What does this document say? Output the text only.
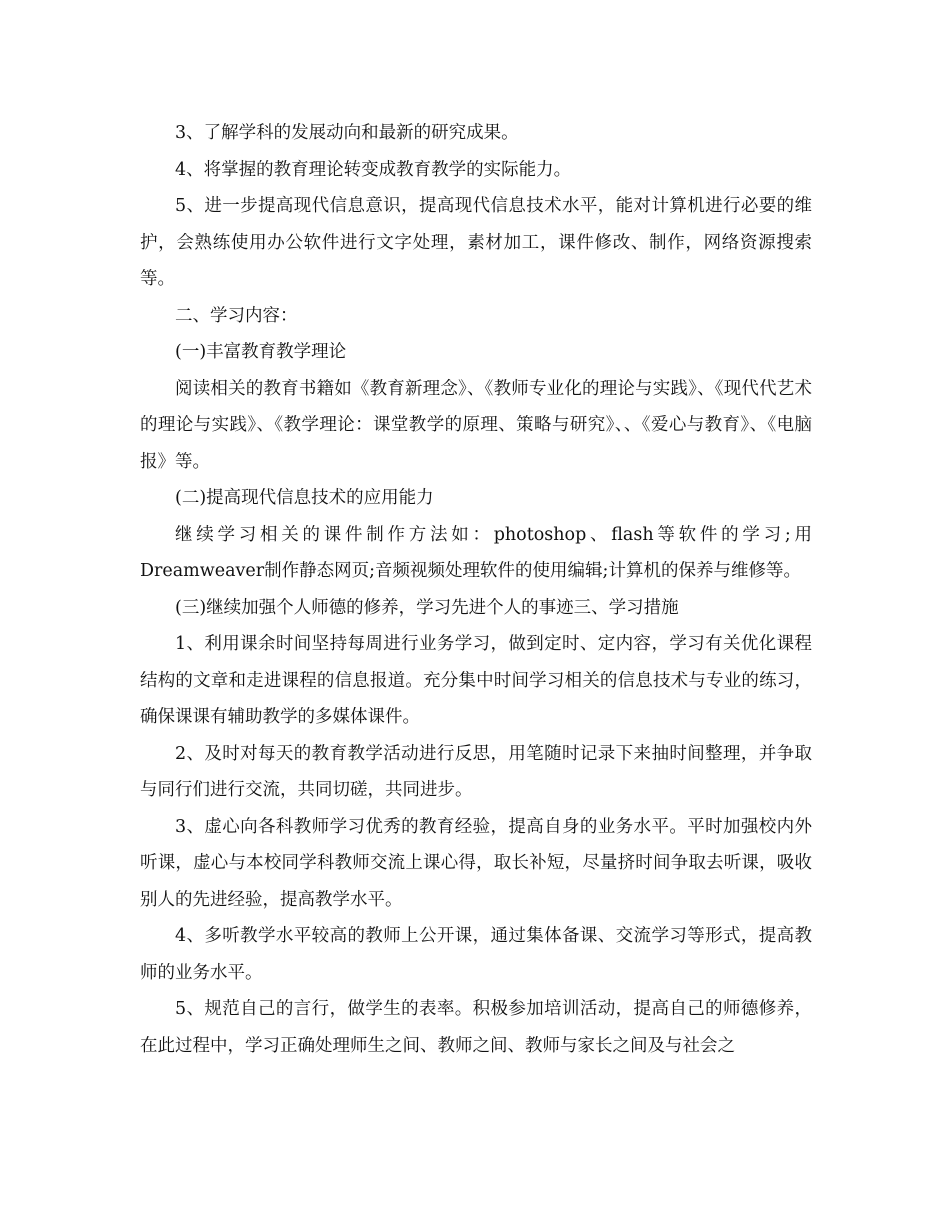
3、了解学科的发展动向和最新的研究成果。

4、将掌握的教育理论转变成教育教学的实际能力。

5、进一步提高现代信息意识，提高现代信息技术水平，能对计算机进行必要的维护，会熟练使用办公软件进行文字处理，素材加工，课件修改、制作，网络资源搜索等。

二、学习内容：

(一)丰富教育教学理论

阅读相关的教育书籍如《教育新理念》、《教师专业化的理论与实践》、《现代代艺术的理论与实践》、《教学理论：课堂教学的原理、策略与研究》、、《爱心与教育》、《电脑报》等。

(二)提高现代信息技术的应用能力

继续学习相关的课件制作方法如：photoshop、flash等软件的学习;用Dreamweaver制作静态网页;音频视频处理软件的使用编辑;计算机的保养与维修等。

(三)继续加强个人师德的修养，学习先进个人的事迹三、学习措施

1、利用课余时间坚持每周进行业务学习，做到定时、定内容，学习有关优化课程结构的文章和走进课程的信息报道。充分集中时间学习相关的信息技术与专业的练习，确保课课有辅助教学的多媒体课件。

2、及时对每天的教育教学活动进行反思，用笔随时记录下来抽时间整理，并争取与同行们进行交流，共同切磋，共同进步。

3、虚心向各科教师学习优秀的教育经验，提高自身的业务水平。平时加强校内外听课，虚心与本校同学科教师交流上课心得，取长补短，尽量挤时间争取去听课，吸收别人的先进经验，提高教学水平。

4、多听教学水平较高的教师上公开课，通过集体备课、交流学习等形式，提高教师的业务水平。

5、规范自己的言行，做学生的表率。积极参加培训活动，提高自己的师德修养，在此过程中，学习正确处理师生之间、教师之间、教师与家长之间及与社会之
